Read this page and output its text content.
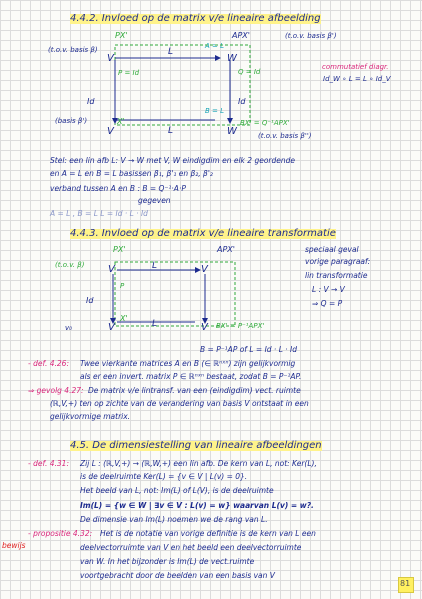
4.4.2. Invloed op de matrix v/e lineaire afbeelding
(t.o.v. basis β)
PX'	APX'	(t.o.v. basis β')
A = L
V	W
L
P = Id	Q = Id
Id	Id
B = L
(basis β')	X'
V	W
L
BX' = Q⁻¹APX'
(t.o.v. basis β'')
commutatief diagr.
Id_W ∘ L = L ∘ Id_V
Stel: een lin afb L: V → W met V, W eindigdim en elk 2 geordende
en A = L en B = L basissen β₁, β'₁ en β₂, β'₂
verband tussen A en B : B = Q⁻¹·A·P
gegeven
A = L , B = L L = Id · L · Id
4.4.3. Invloed op de matrix v/e lineaire transformatie
PX'	APX'
(t.o.v. β) V	V
L
P
Id
v₀
X'
V	V
L	BX' = P⁻¹APX'
speciaal geval
vorige paragraaf:
lin transformatie
L : V → V
⇒ Q = P
B = P⁻¹AP of L = Id · L · Id
- def. 4.26: Twee vierkante matrices A en B (∈ ℝⁿˣⁿ) zijn gelijkvormig
als er een invert. matrix P ∈ ℝⁿˣⁿ bestaat, zodat B = P⁻¹AP.
⇒ gevolg 4.27: De matrix v/e lintransf. van een (eindigdim) vect. ruimte
(ℝ,V,+) ten op zichte van de verandering van basis V ontstaat in een
gelijkvormige matrix.
4.5. De dimensiestelling van lineaire afbeeldingen
- def. 4.31: Zij L : (ℝ,V,+) → (ℝ,W,+) een lin afb. De kern van L, not: Ker(L),
is de deelruimte Ker(L) = {v ∈ V | L(v) = 0}.
Het beeld van L, not: Im(L) of L(V), is de deelruimte
Im(L) = {w ∈ W | ∃v ∈ V : L(v) = w} waarvan L(v) = w?.
De dimensie van Im(L) noemen we de rang van L.
bewijs
- propositie 4.32: Het is de notatie van vorige definitie is de kern van L een
deelvectorruimte van V en het beeld een deelvectorruimte
van W. In het bijzonder is Im(L) de vect.ruimte
voortgebracht door de beelden van een basis van V
81
